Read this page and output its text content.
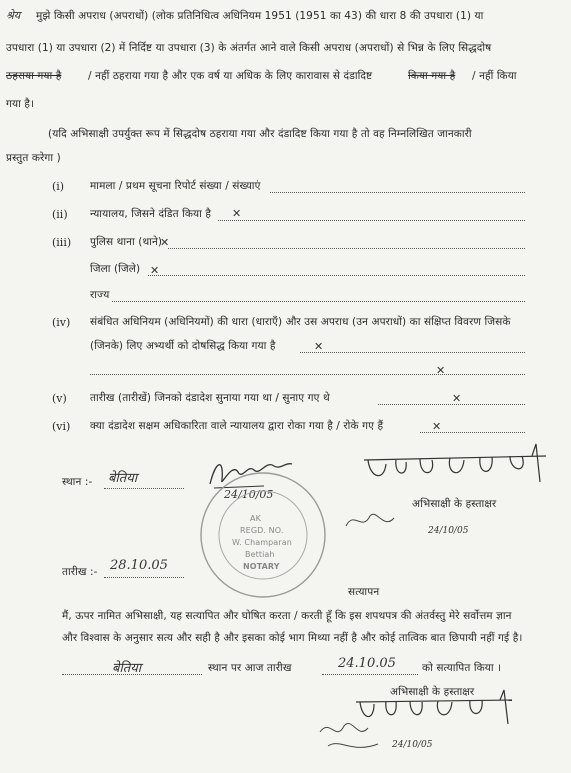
श्रेय मुझे किसी अपराध (अपराधों) (लोक प्रतिनिधित्व अधिनियम 1951 (1951 का 43) की धारा 8 की उपधारा (1) या
उपधारा (1) या उपधारा (2) में निर्दिष्ट या उपधारा (3) के अंतर्गत आने वाले किसी अपराध (अपराधों) से भिन्न के लिए सिद्धदोष
ठहराया गया है	/ नहीं ठहराया गया है और एक वर्ष या अधिक के लिए कारावास से दंडादिष्ट	किया गया है / नहीं किया
गया है।
(यदि अभिसाक्षी उपर्युक्त रूप में सिद्धदोष ठहराया गया और दंडादिष्ट किया गया है तो वह निम्नलिखित जानकारी
प्रस्तुत करेगा )
(i) मामला / प्रथम सूचना रिपोर्ट संख्या / संख्याएं
(ii) न्यायालय, जिसने दंडित किया है ✕
(iii) पुलिस थाना (थाने)
✕
जिला (जिले) ✕
राज्य
(iv) संबंधित अधिनियम (अधिनियमों) की धारा (धाराएँ) और उस अपराध (उन अपराधों) का संक्षिप्त विवरण जिसके
(जिनके) लिए अभ्यर्थी को दोषसिद्ध किया गया है	✕
✕
(v) तारीख (तारीखें) जिनको दंडादेश सुनाया गया था / सुनाए गए थे	✕
(vi) क्या दंडादेश सक्षम अधिकारिता वाले न्यायालय द्वारा रोका गया है / रोके गए हैं	✕
स्थान :- बेतिया
24/10/05
AK
REGD. NO.
W. Champaran
Bettiah
NOTARY
अभिसाक्षी के हस्ताक्षर
24/10/05
तारीख :- 28.10.05
सत्यापन
मैं, ऊपर नामित अभिसाक्षी, यह सत्यापित और घोषित करता / करती हूँ कि इस शपथपत्र की अंतर्वस्तु मेरे सर्वोत्तम ज्ञान
और विश्वास के अनुसार सत्य और सही है और इसका कोई भाग मिथ्या नहीं है और कोई तात्विक बात छिपायी नहीं गई है।
बेतिया	स्थान पर आज तारीख	24.10.05 को सत्यापित किया ।
अभिसाक्षी के हस्ताक्षर
24/10/05
